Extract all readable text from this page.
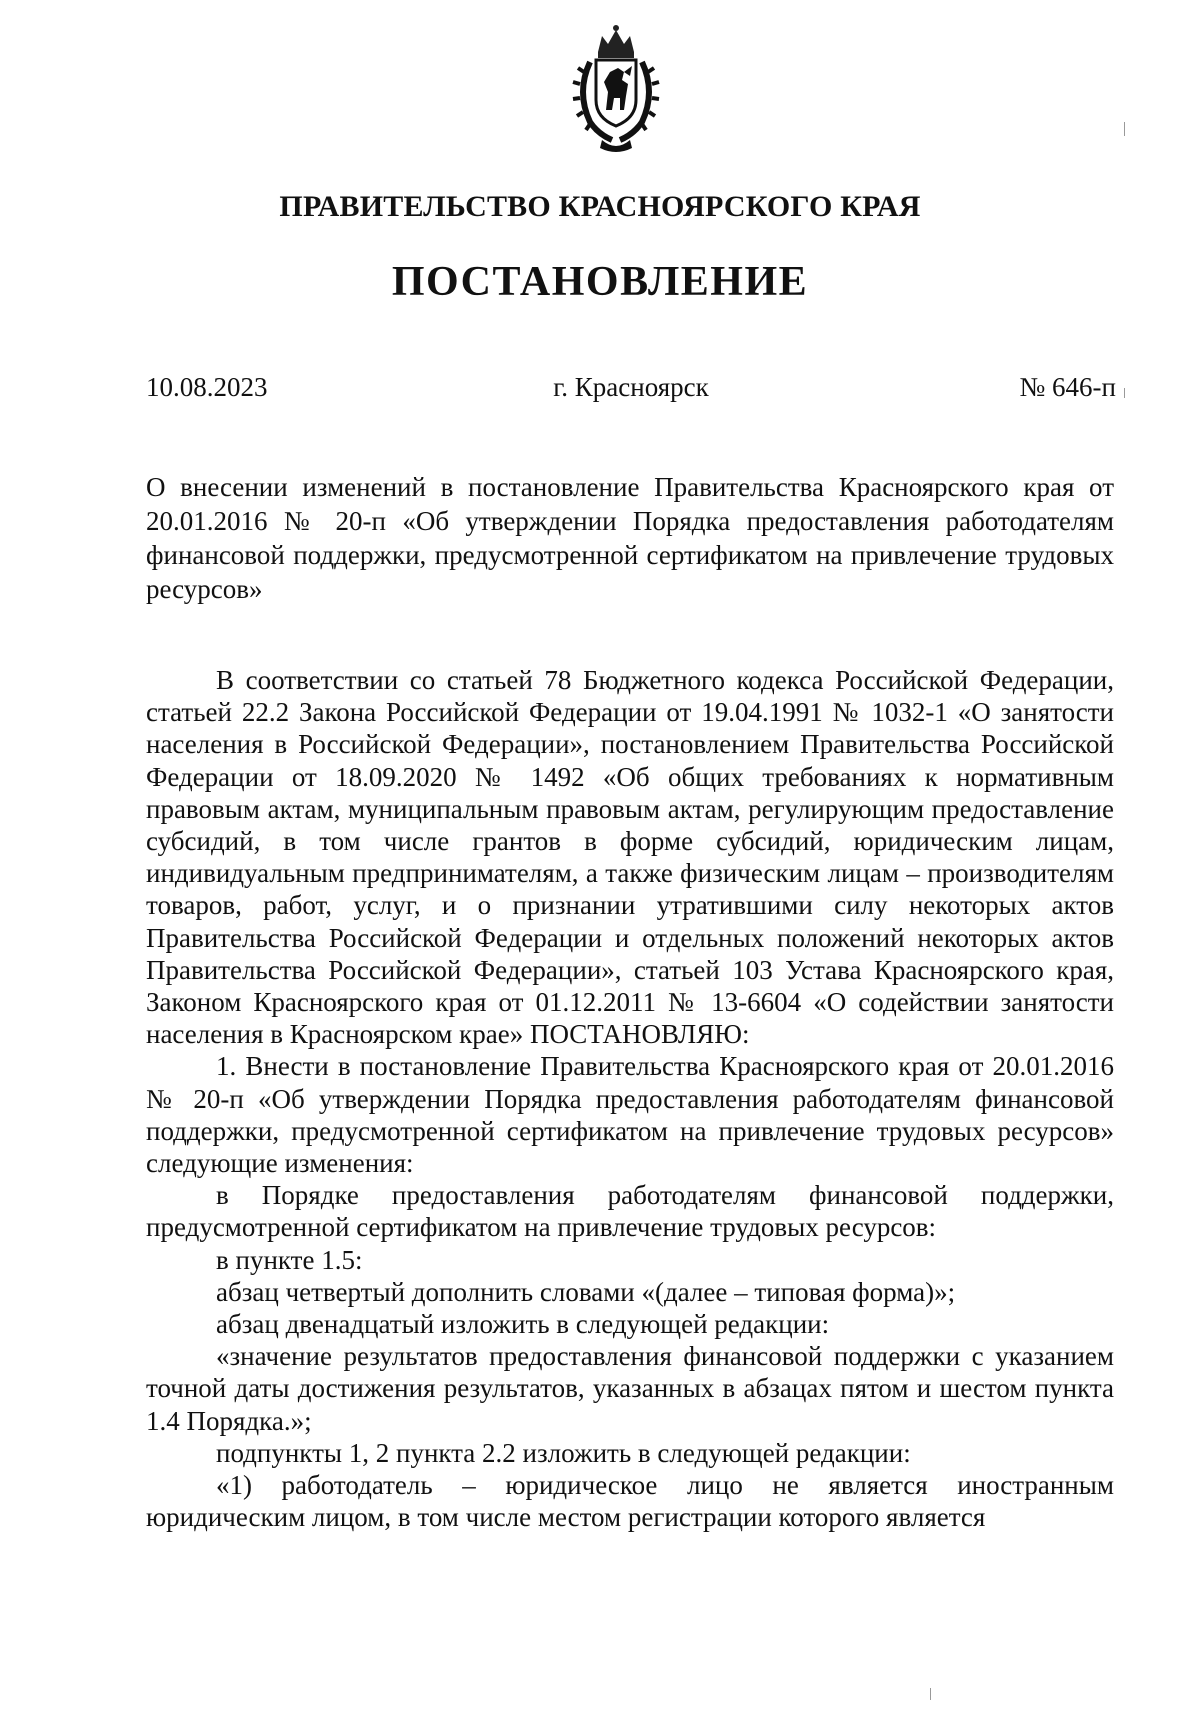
ПРАВИТЕЛЬСТВО КРАСНОЯРСКОГО КРАЯ
ПОСТАНОВЛЕНИЕ
10.08.2023	г. Красноярск	№ 646-п
О внесении изменений в постановление Правительства Красноярского края от 20.01.2016 № 20-п «Об утверждении Порядка предоставления работодателям финансовой поддержки, предусмотренной сертификатом на привлечение трудовых ресурсов»

В соответствии со статьей 78 Бюджетного кодекса Российской Федерации, статьей 22.2 Закона Российской Федерации от 19.04.1991 № 1032-1 «О занятости населения в Российской Федерации», постановлением Правительства Российской Федерации от 18.09.2020 № 1492 «Об общих требованиях к нормативным правовым актам, муниципальным правовым актам, регулирующим предоставление субсидий, в том числе грантов в форме субсидий, юридическим лицам, индивидуальным предпринимателям, а также физическим лицам – производителям товаров, работ, услуг, и о признании утратившими силу некоторых актов Правительства Российской Федерации и отдельных положений некоторых актов Правительства Российской Федерации», статьей 103 Устава Красноярского края, Законом Красноярского края от 01.12.2011 № 13-6604 «О содействии занятости населения в Красноярском крае» ПОСТАНОВЛЯЮ:

1. Внести в постановление Правительства Красноярского края от 20.01.2016 № 20-п «Об утверждении Порядка предоставления работодателям финансовой поддержки, предусмотренной сертификатом на привлечение трудовых ресурсов» следующие изменения:

в Порядке предоставления работодателям финансовой поддержки, предусмотренной сертификатом на привлечение трудовых ресурсов:

в пункте 1.5:

абзац четвертый дополнить словами «(далее – типовая форма)»;

абзац двенадцатый изложить в следующей редакции:

«значение результатов предоставления финансовой поддержки с указанием точной даты достижения результатов, указанных в абзацах пятом и шестом пункта 1.4 Порядка.»;

подпункты 1, 2 пункта 2.2 изложить в следующей редакции:

«1) работодатель – юридическое лицо не является иностранным юридическим лицом, в том числе местом регистрации которого является
